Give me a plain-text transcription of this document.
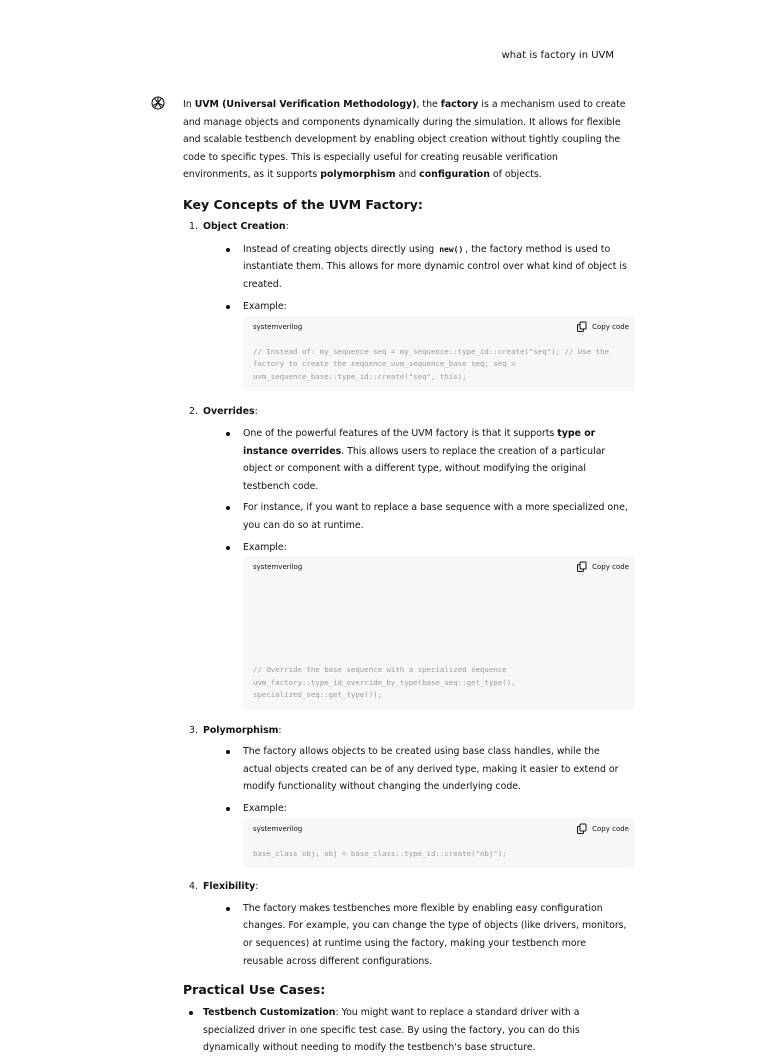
what is factory in UVM

In UVM (Universal Verification Methodology), the factory is a mechanism used to create and manage objects and components dynamically during the simulation. It allows for flexible and scalable testbench development by enabling object creation without tightly coupling the code to specific types. This is especially useful for creating reusable verification environments, as it supports polymorphism and configuration of objects.

Key Concepts of the UVM Factory:
1. Object Creation:
Instead of creating objects directly using new() , the factory method is used to instantiate them. This allows for more dynamic control over what kind of object is created.
Example:
systemverilog	Copy code
// Instead of: my_sequence seq = my_sequence::type_id::create("seq"); // Use the factory to create the sequence uvm_sequence_base seq; seq = uvm_sequence_base::type_id::create("seq", this);
2. Overrides:
One of the powerful features of the UVM factory is that it supports type or instance overrides. This allows users to replace the creation of a particular object or component with a different type, without modifying the original testbench code.
For instance, if you want to replace a base sequence with a more specialized one, you can do so at runtime.
Example:
systemverilog	Copy code
// Override the base sequence with a specialized sequence uvm_factory::type_id_override_by_type(base_seq::get_type(), specialized_seq::get_type());
3. Polymorphism:
The factory allows objects to be created using base class handles, while the actual objects created can be of any derived type, making it easier to extend or modify functionality without changing the underlying code.
Example:
systemverilog	Copy code
base_class obj; obj = base_class::type_id::create("obj");
4. Flexibility:
The factory makes testbenches more flexible by enabling easy configuration changes. For example, you can change the type of objects (like drivers, monitors, or sequences) at runtime using the factory, making your testbench more reusable across different configurations.
Practical Use Cases:
Testbench Customization: You might want to replace a standard driver with a specialized driver in one specific test case. By using the factory, you can do this dynamically without needing to modify the testbench's base structure.
